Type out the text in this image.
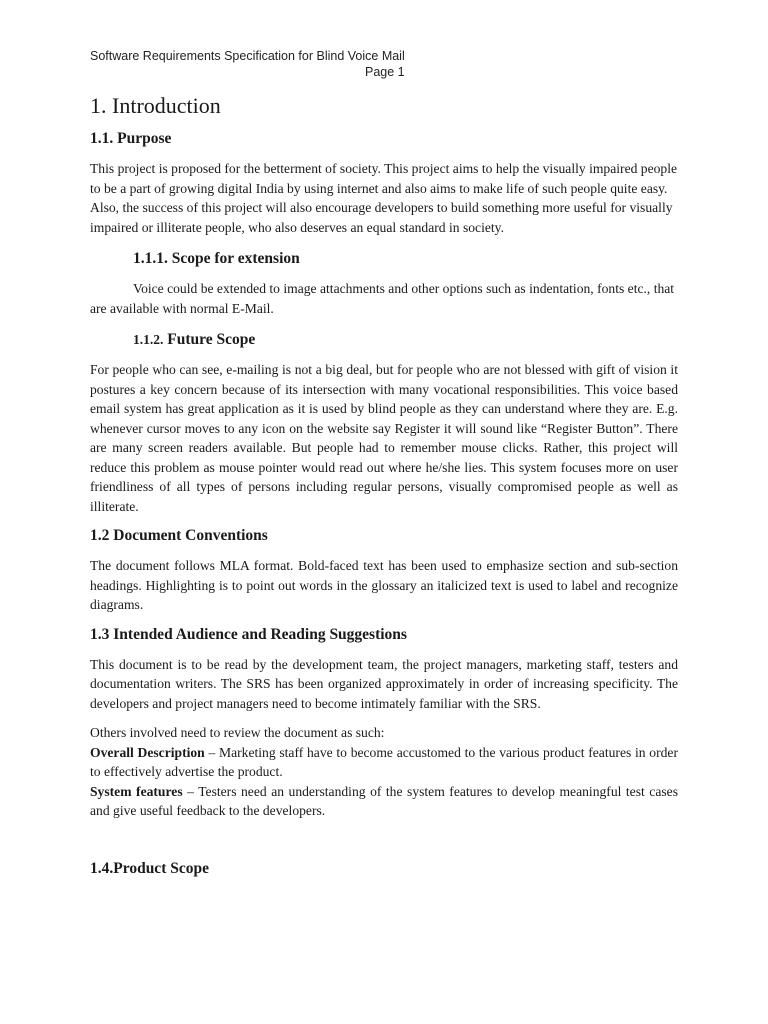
Software Requirements Specification for Blind Voice Mail
Page 1
1. Introduction
1.1. Purpose

This project is proposed for the betterment of society. This project aims to help the visually impaired people to be a part of growing digital India by using internet and also aims to make life of such people quite easy. Also, the success of this project will also encourage developers to build something more useful for visually impaired or illiterate people, who also deserves an equal standard in society.

1.1.1. Scope for extension

Voice could be extended to image attachments and other options such as indentation, fonts etc., that are available with normal E-Mail.

1.1.2. Future Scope

For people who can see, e-mailing is not a big deal, but for people who are not blessed with gift of vision it postures a key concern because of its intersection with many vocational responsibilities. This voice based email system has great application as it is used by blind people as they can understand where they are. E.g. whenever cursor moves to any icon on the website say Register it will sound like “Register Button”. There are many screen readers available. But people had to remember mouse clicks. Rather, this project will reduce this problem as mouse pointer would read out where he/she lies. This system focuses more on user friendliness of all types of persons including regular persons, visually compromised people as well as illiterate.

1.2 Document Conventions

The document follows MLA format. Bold-faced text has been used to emphasize section and sub-section headings. Highlighting is to point out words in the glossary an italicized text is used to label and recognize diagrams.

1.3 Intended Audience and Reading Suggestions

This document is to be read by the development team, the project managers, marketing staff, testers and documentation writers. The SRS has been organized approximately in order of increasing specificity. The developers and project managers need to become intimately familiar with the SRS.

Others involved need to review the document as such:

Overall Description – Marketing staff have to become accustomed to the various product features in order to effectively advertise the product.

System features – Testers need an understanding of the system features to develop meaningful test cases and give useful feedback to the developers.

1.4.Product Scope
